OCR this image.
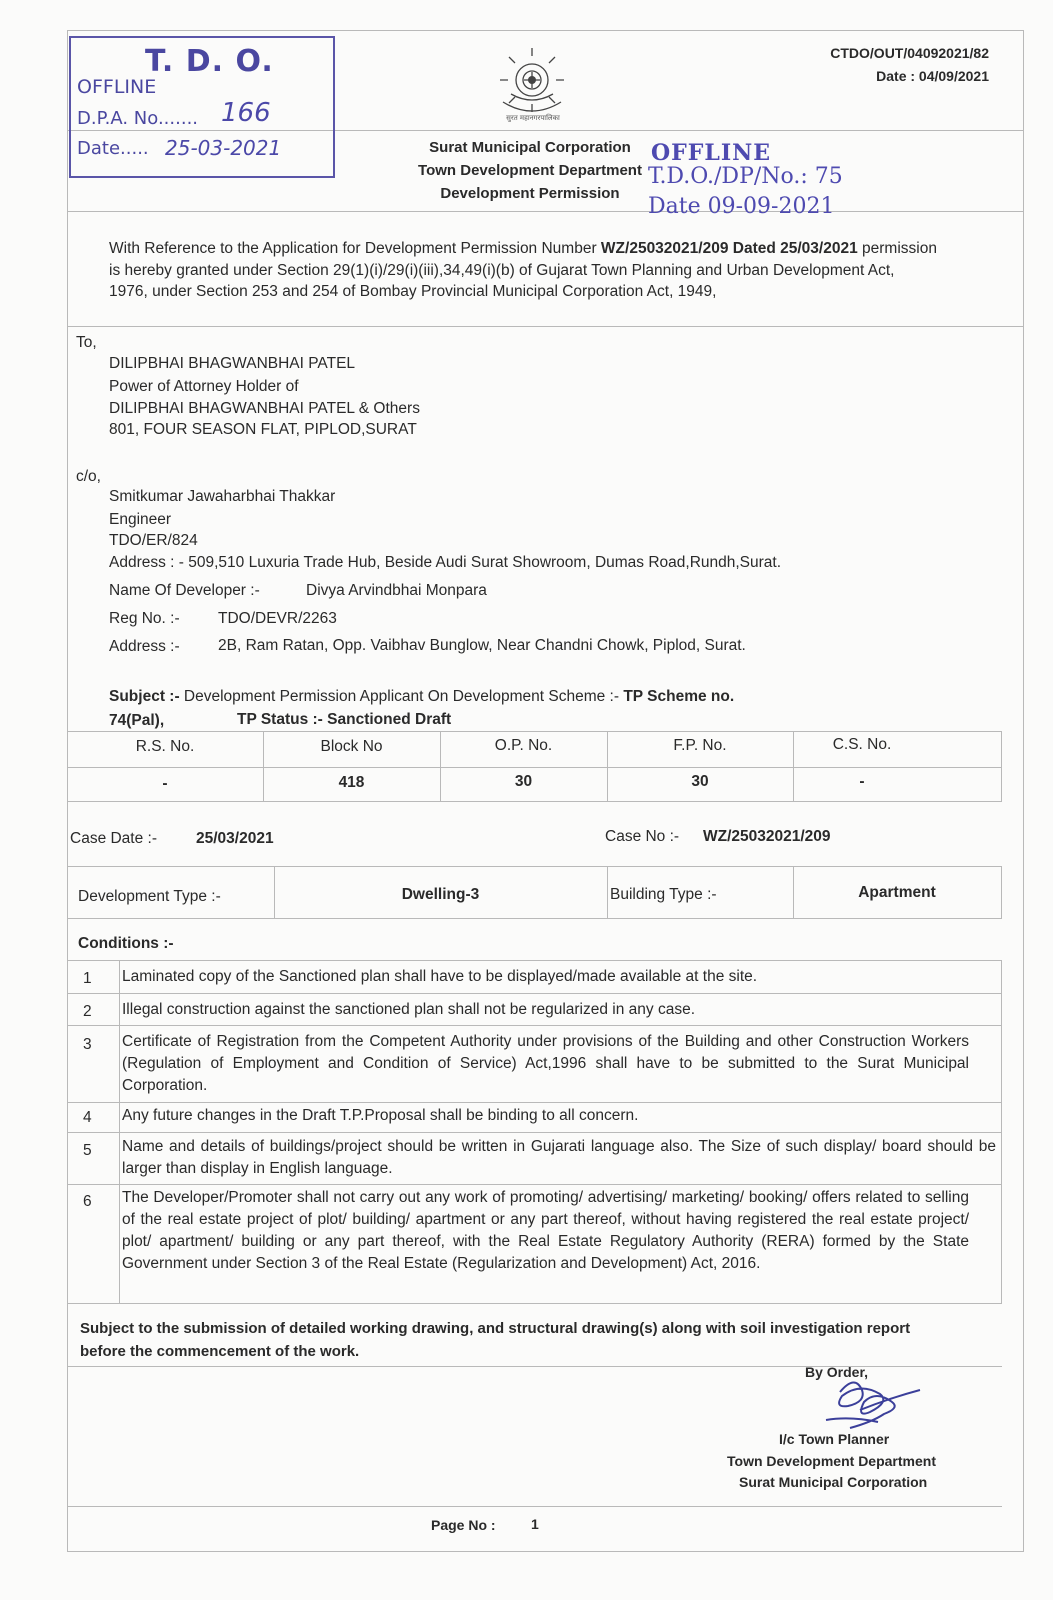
T. D. O.
OFFLINE
D.P.A. No....... 166
Date..... 25-03-2021
सुरत महानगरपालिका
CTDO/OUT/04092021/82
Date : 04/09/2021
Surat Municipal Corporation
Town Development Department
Development Permission
OFFLINE
T.D.O./DP/No.: 75
Date 09-09-2021
With Reference to the Application for Development Permission Number WZ/25032021/209 Dated 25/03/2021 permission
is hereby granted under Section 29(1)(i)/29(i)(iii),34,49(i)(b) of Gujarat Town Planning and Urban Development Act,
1976, under Section 253 and 254 of Bombay Provincial Municipal Corporation Act, 1949,
To,
DILIPBHAI BHAGWANBHAI PATEL
Power of Attorney Holder of
DILIPBHAI BHAGWANBHAI PATEL & Others
801, FOUR SEASON FLAT, PIPLOD,SURAT
c/o,
Smitkumar Jawaharbhai Thakkar
Engineer
TDO/ER/824
Address : - 509,510 Luxuria Trade Hub, Beside Audi Surat Showroom, Dumas Road,Rundh,Surat.
Name Of Developer :-	Divya Arvindbhai Monpara
Reg No. :- TDO/DEVR/2263
Address :- 2B, Ram Ratan, Opp. Vaibhav Bunglow, Near Chandni Chowk, Piplod, Surat.
Subject :- Development Permission Applicant On Development Scheme :- TP Scheme no.
74(Pal),	TP Status :- Sanctioned Draft
R.S. No.	Block No	O.P. No.	F.P. No.	C.S. No.
-	418	30	30	-
Case Date :-	25/03/2021	Case No :- WZ/25032021/209
Development Type :-	Dwelling-3	Building Type :-	Apartment
Conditions :-
1 Laminated copy of the Sanctioned plan shall have to be displayed/made available at the site.
2 Illegal construction against the sanctioned plan shall not be regularized in any case.
3 Certificate of Registration from the Competent Authority under provisions of the Building and other Construction Workers (Regulation of Employment and Condition of Service) Act,1996 shall have to be submitted to the Surat Municipal Corporation.
4 Any future changes in the Draft T.P.Proposal shall be binding to all concern.
5 Name and details of buildings/project should be written in Gujarati language also. The Size of such display/ board should be larger than display in English language.
6 The Developer/Promoter shall not carry out any work of promoting/ advertising/ marketing/ booking/ offers related to selling of the real estate project of plot/ building/ apartment or any part thereof, without having registered the real estate project/ plot/ apartment/ building or any part thereof, with the Real Estate Regulatory Authority (RERA) formed by the State Government under Section 3 of the Real Estate (Regularization and Development) Act, 2016.
Subject to the submission of detailed working drawing, and structural drawing(s) along with soil investigation report
before the commencement of the work.
By Order,
I/c Town Planner
Town Development Department
Surat Municipal Corporation
Page No :	1
